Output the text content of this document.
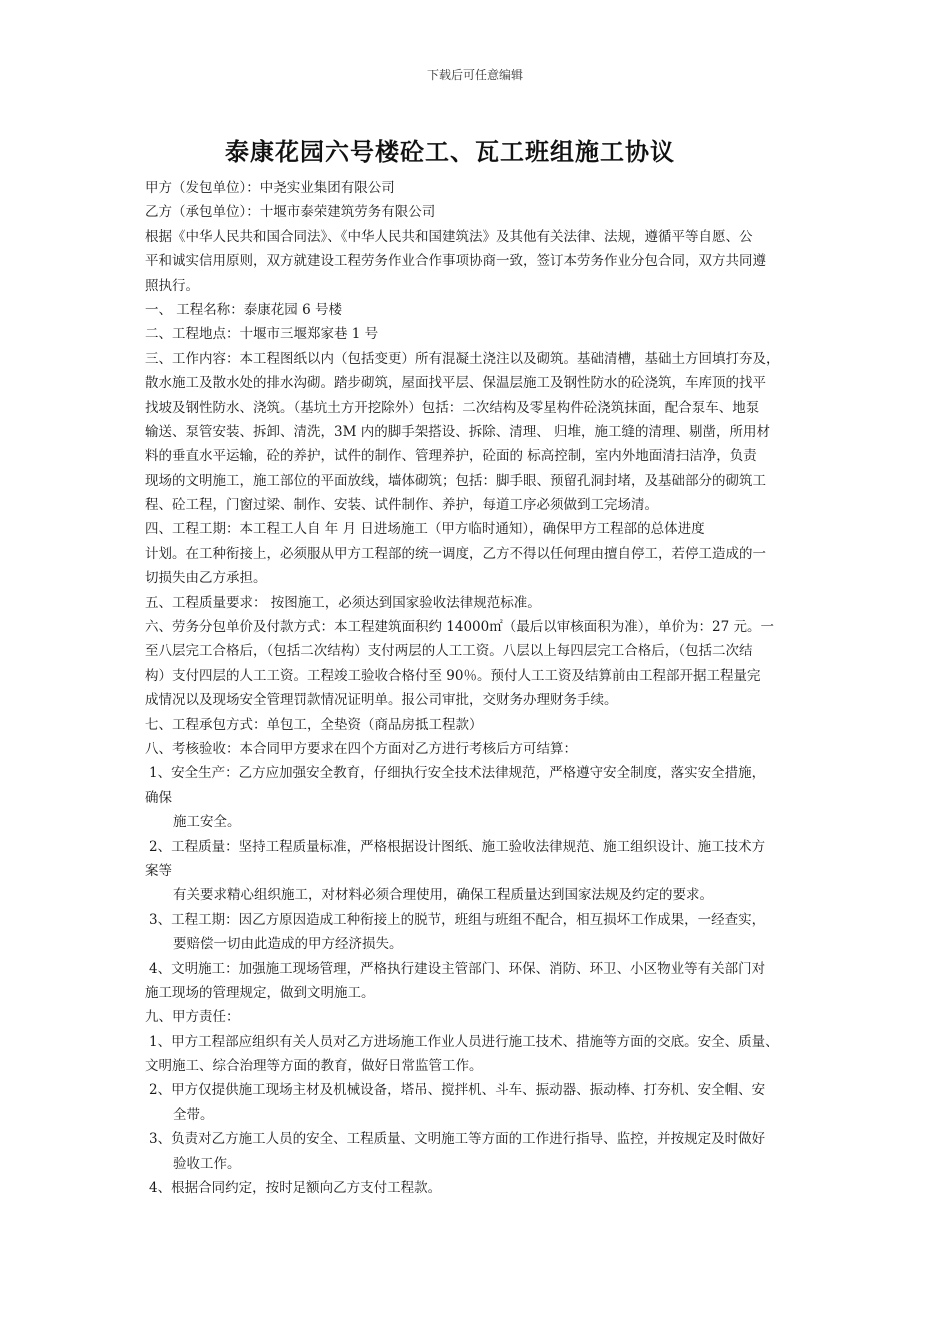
下载后可任意编辑
泰康花园六号楼砼工、瓦工班组施工协议
甲方（发包单位）：中尧实业集团有限公司
乙方（承包单位）：十堰市泰荣建筑劳务有限公司
根据《中华人民共和国合同法》、《中华人民共和国建筑法》及其他有关法律、法规，遵循平等自愿、公
平和诚实信用原则，双方就建设工程劳务作业合作事项协商一致，签订本劳务作业分包合同，双方共同遵
照执行。
一、 工程名称：泰康花园 6 号楼
二、工程地点：十堰市三堰郑家巷 1 号
三、工作内容：本工程图纸以内（包括变更）所有混凝土浇注以及砌筑。基础清槽，基础土方回填打夯及，
散水施工及散水处的排水沟砌。踏步砌筑，屋面找平层、保温层施工及钢性防水的砼浇筑，车库顶的找平
找坡及钢性防水、浇筑。（基坑土方开挖除外）包括：二次结构及零星构件砼浇筑抹面，配合泵车、地泵
输送、泵管安装、拆卸、清洗，3M 内的脚手架搭设、拆除、清理、 归堆，施工缝的清理、剔凿，所用材
料的垂直水平运输，砼的养护，试件的制作、管理养护，砼面的 标高控制，室内外地面清扫洁净，负责
现场的文明施工，施工部位的平面放线，墙体砌筑；包括：脚手眼、预留孔洞封堵，及基础部分的砌筑工
程、砼工程，门窗过梁、制作、安装、试件制作、养护，每道工序必须做到工完场清。
四、工程工期：本工程工人自 年 月 日进场施工（甲方临时通知），确保甲方工程部的总体进度
计划。在工种衔接上，必须服从甲方工程部的统一调度，乙方不得以任何理由擅自停工，若停工造成的一
切损失由乙方承担。
五、工程质量要求： 按图施工，必须达到国家验收法律规范标准。
六、劳务分包单价及付款方式：本工程建筑面积约 14000㎡（最后以审核面积为准），单价为：27 元。一
至八层完工合格后，（包括二次结构）支付两层的人工工资。八层以上每四层完工合格后，（包括二次结
构）支付四层的人工工资。工程竣工验收合格付至 90％。预付人工工资及结算前由工程部开据工程量完
成情况以及现场安全管理罚款情况证明单。报公司审批，交财务办理财务手续。
七、工程承包方式：单包工，全垫资（商品房抵工程款）
八、考核验收：本合同甲方要求在四个方面对乙方进行考核后方可结算：
1、安全生产：乙方应加强安全教育，仔细执行安全技术法律规范，严格遵守安全制度，落实安全措施，
确保
施工安全。
2、工程质量：坚持工程质量标准，严格根据设计图纸、施工验收法律规范、施工组织设计、施工技术方
案等
有关要求精心组织施工，对材料必须合理使用，确保工程质量达到国家法规及约定的要求。
3、工程工期：因乙方原因造成工种衔接上的脱节，班组与班组不配合，相互损坏工作成果，一经查实，
要赔偿一切由此造成的甲方经济损失。
4、文明施工：加强施工现场管理，严格执行建设主管部门、环保、消防、环卫、小区物业等有关部门对
施工现场的管理规定，做到文明施工。
九、甲方责任：
1、甲方工程部应组织有关人员对乙方进场施工作业人员进行施工技术、措施等方面的交底。安全、质量、
文明施工、综合治理等方面的教育，做好日常监管工作。
2、甲方仅提供施工现场主材及机械设备，塔吊、搅拌机、斗车、振动器、振动棒、打夯机、安全帽、安
全带。
3、负责对乙方施工人员的安全、工程质量、文明施工等方面的工作进行指导、监控，并按规定及时做好
验收工作。
4、根据合同约定，按时足额向乙方支付工程款。
